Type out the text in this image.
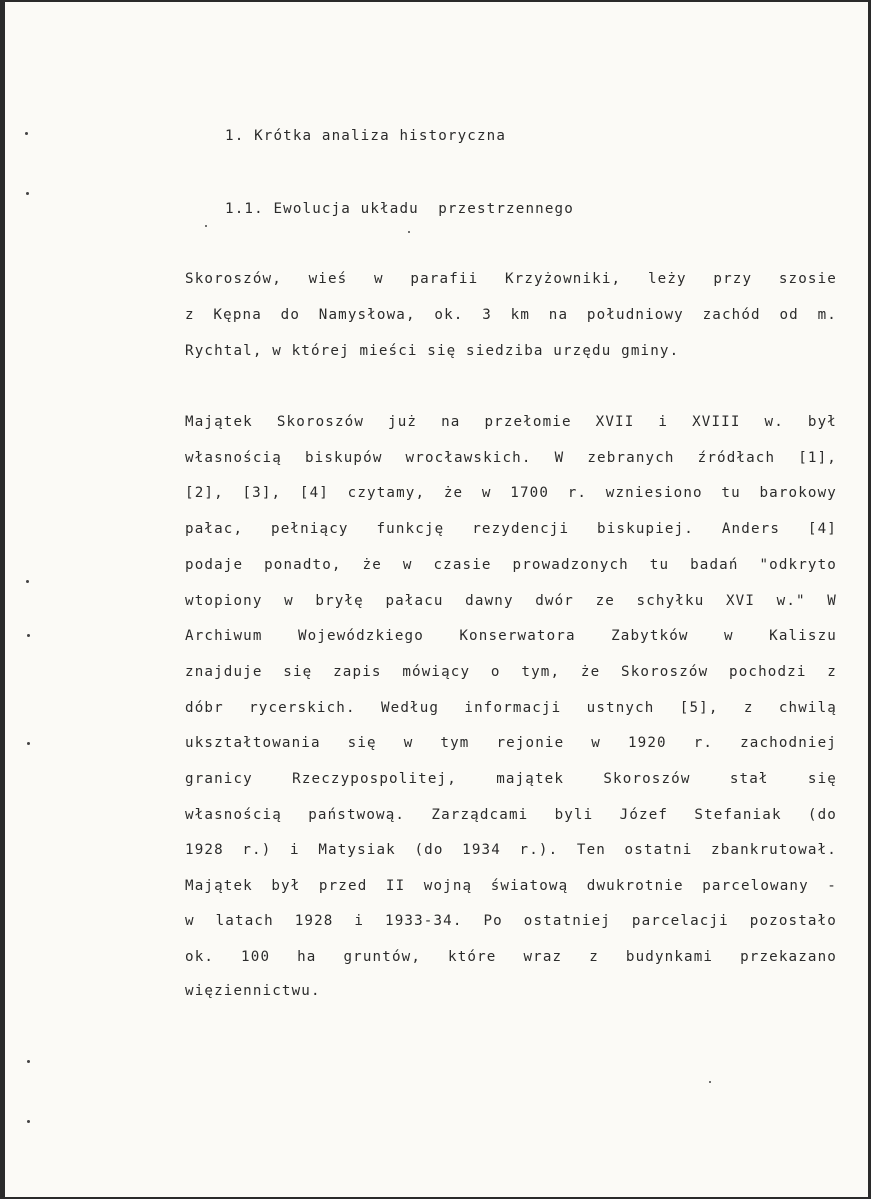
1. Krótka analiza historyczna
1.1. Ewolucja układu  przestrzennego
Skoroszów, wieś w parafii Krzyżowniki, leży przy szosie
z Kępna do Namysłowa, ok. 3 km na południowy zachód od m.
Rychtal, w której mieści się siedziba urzędu gminy.
Majątek Skoroszów już na przełomie XVII i XVIII w. był
własnością biskupów wrocławskich. W zebranych źródłach [1],
[2], [3], [4] czytamy, że w 1700 r. wzniesiono tu barokowy
pałac, pełniący funkcję rezydencji biskupiej. Anders [4]
podaje ponadto, że w czasie prowadzonych tu badań "odkryto
wtopiony w bryłę pałacu dawny dwór ze schyłku XVI w." W
Archiwum Wojewódzkiego Konserwatora Zabytków w Kaliszu
znajduje się zapis mówiący o tym, że Skoroszów pochodzi z
dóbr rycerskich. Według informacji ustnych [5], z chwilą
ukształtowania się w tym rejonie w 1920 r. zachodniej
granicy Rzeczypospolitej, majątek Skoroszów stał się
własnością państwową. Zarządcami byli Józef Stefaniak (do
1928 r.) i Matysiak (do 1934 r.). Ten ostatni zbankrutował.
Majątek był przed II wojną światową dwukrotnie parcelowany -
w latach 1928 i 1933-34. Po ostatniej parcelacji pozostało
ok. 100 ha gruntów, które wraz z budynkami przekazano
więziennictwu.
